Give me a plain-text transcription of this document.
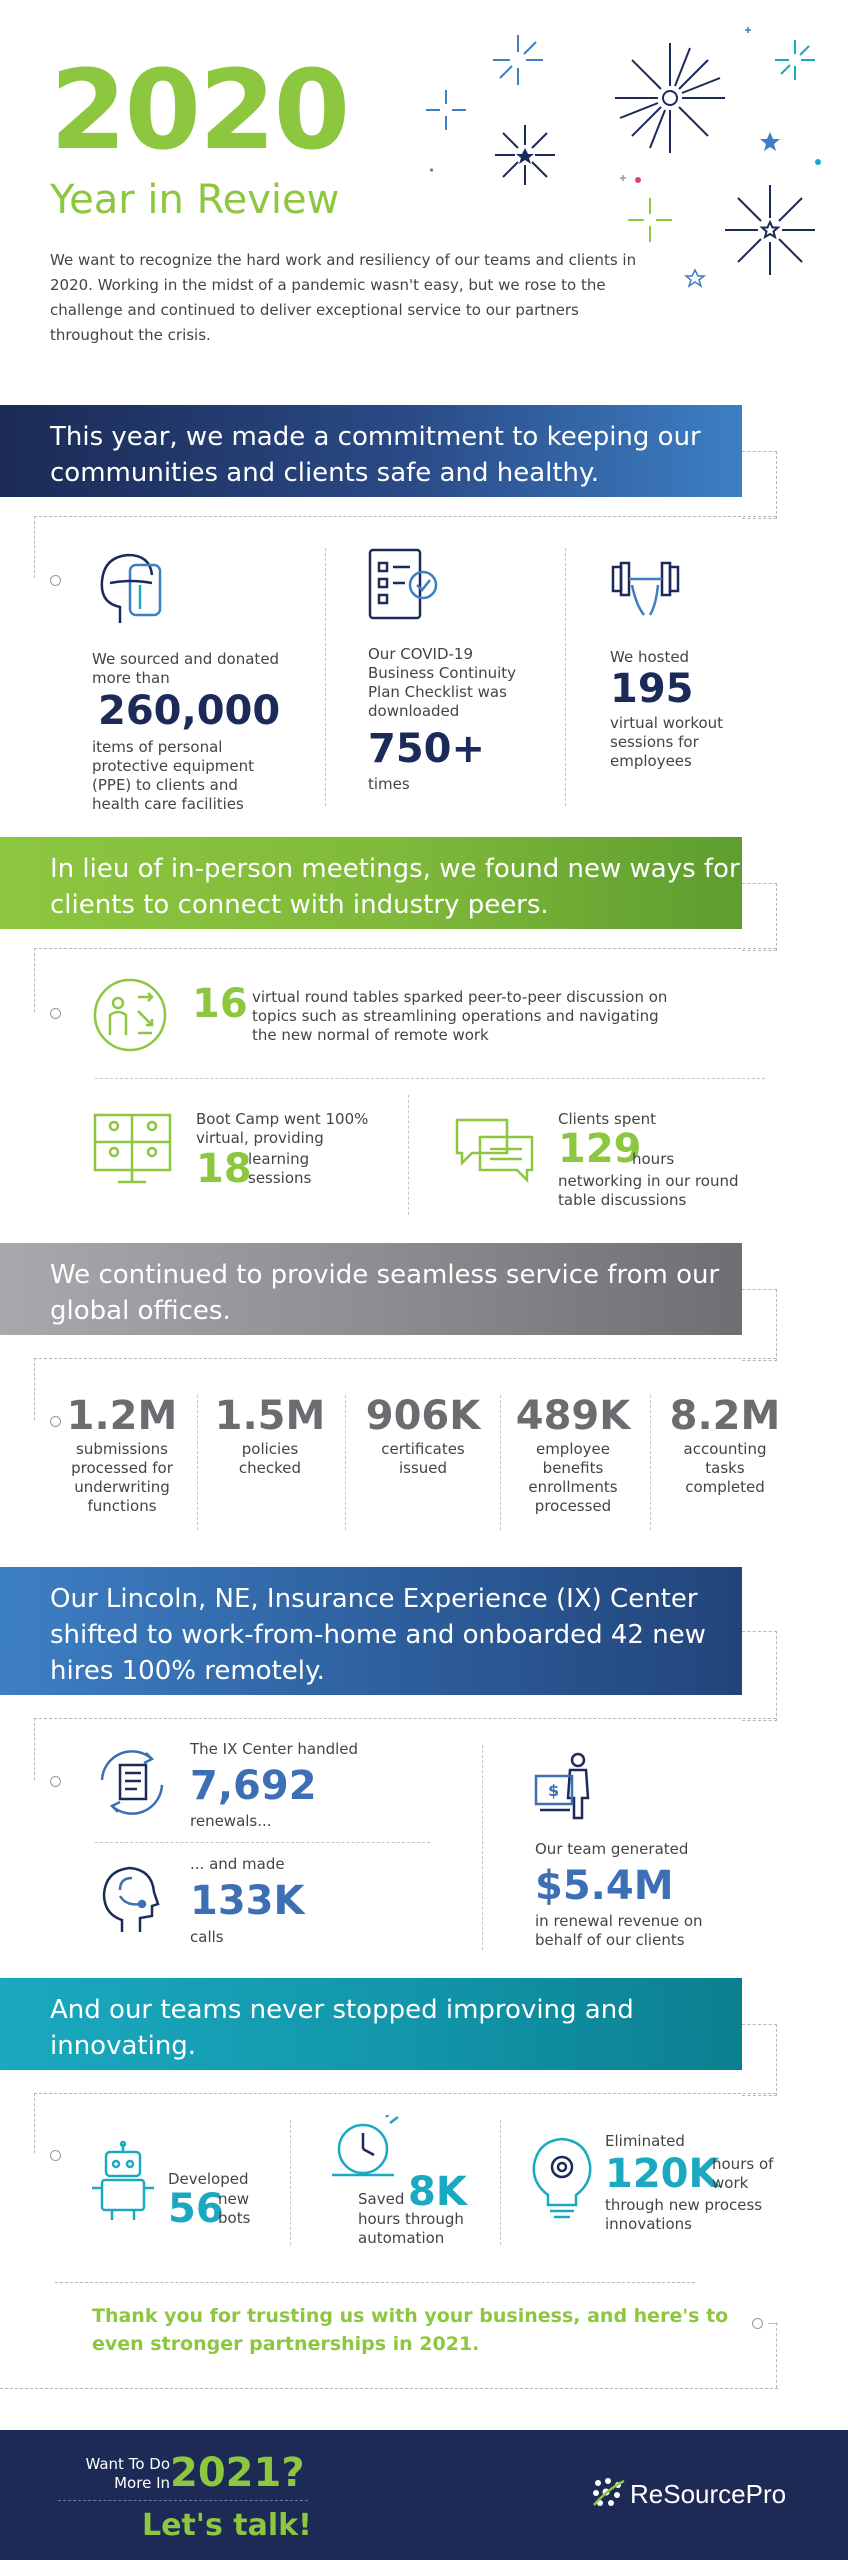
2020
Year in Review
We want to recognize the hard work and resiliency of our teams and clients in 2020. Working in the midst of a pandemic wasn't easy, but we rose to the challenge and continued to deliver exceptional service to our partners throughout the crisis.
This year, we made a commitment to keeping our communities and clients safe and healthy.
We sourced and donated more than
260,000
items of personal protective equipment (PPE) to clients and health care facilities
Our COVID-19 Business Continuity Plan Checklist was downloaded
750+
times
We hosted
195
virtual workout sessions for employees
In lieu of in-person meetings, we found new ways for clients to connect with industry peers.
16 virtual round tables sparked peer-to-peer discussion on topics such as streamlining operations and navigating the new normal of remote work
Boot Camp went 100% virtual, providing
18
learning sessions
Clients spent
129
hours
networking in our round table discussions
We continued to provide seamless service from our global offices.
1.2M
submissions processed for underwriting functions
1.5M
policies checked
906K
certificates issued
489K
employee benefits enrollments processed
8.2M
accounting tasks completed
Our Lincoln, NE, Insurance Experience (IX) Center shifted to work-from-home and onboarded 42 new hires 100% remotely.
The IX Center handled
7,692
renewals...
... and made
133K
calls
$
Our team generated
$5.4M
in renewal revenue on behalf of our clients
And our teams never stopped improving and innovating.
Developed
56
new bots
Saved 8K
hours through automation
Eliminated
120K
hours of work
through new process innovations
Thank you for trusting us with your business, and here's to even stronger partnerships in 2021.
Want To Do More In 2021?
Let's talk!
ReSourcePro
